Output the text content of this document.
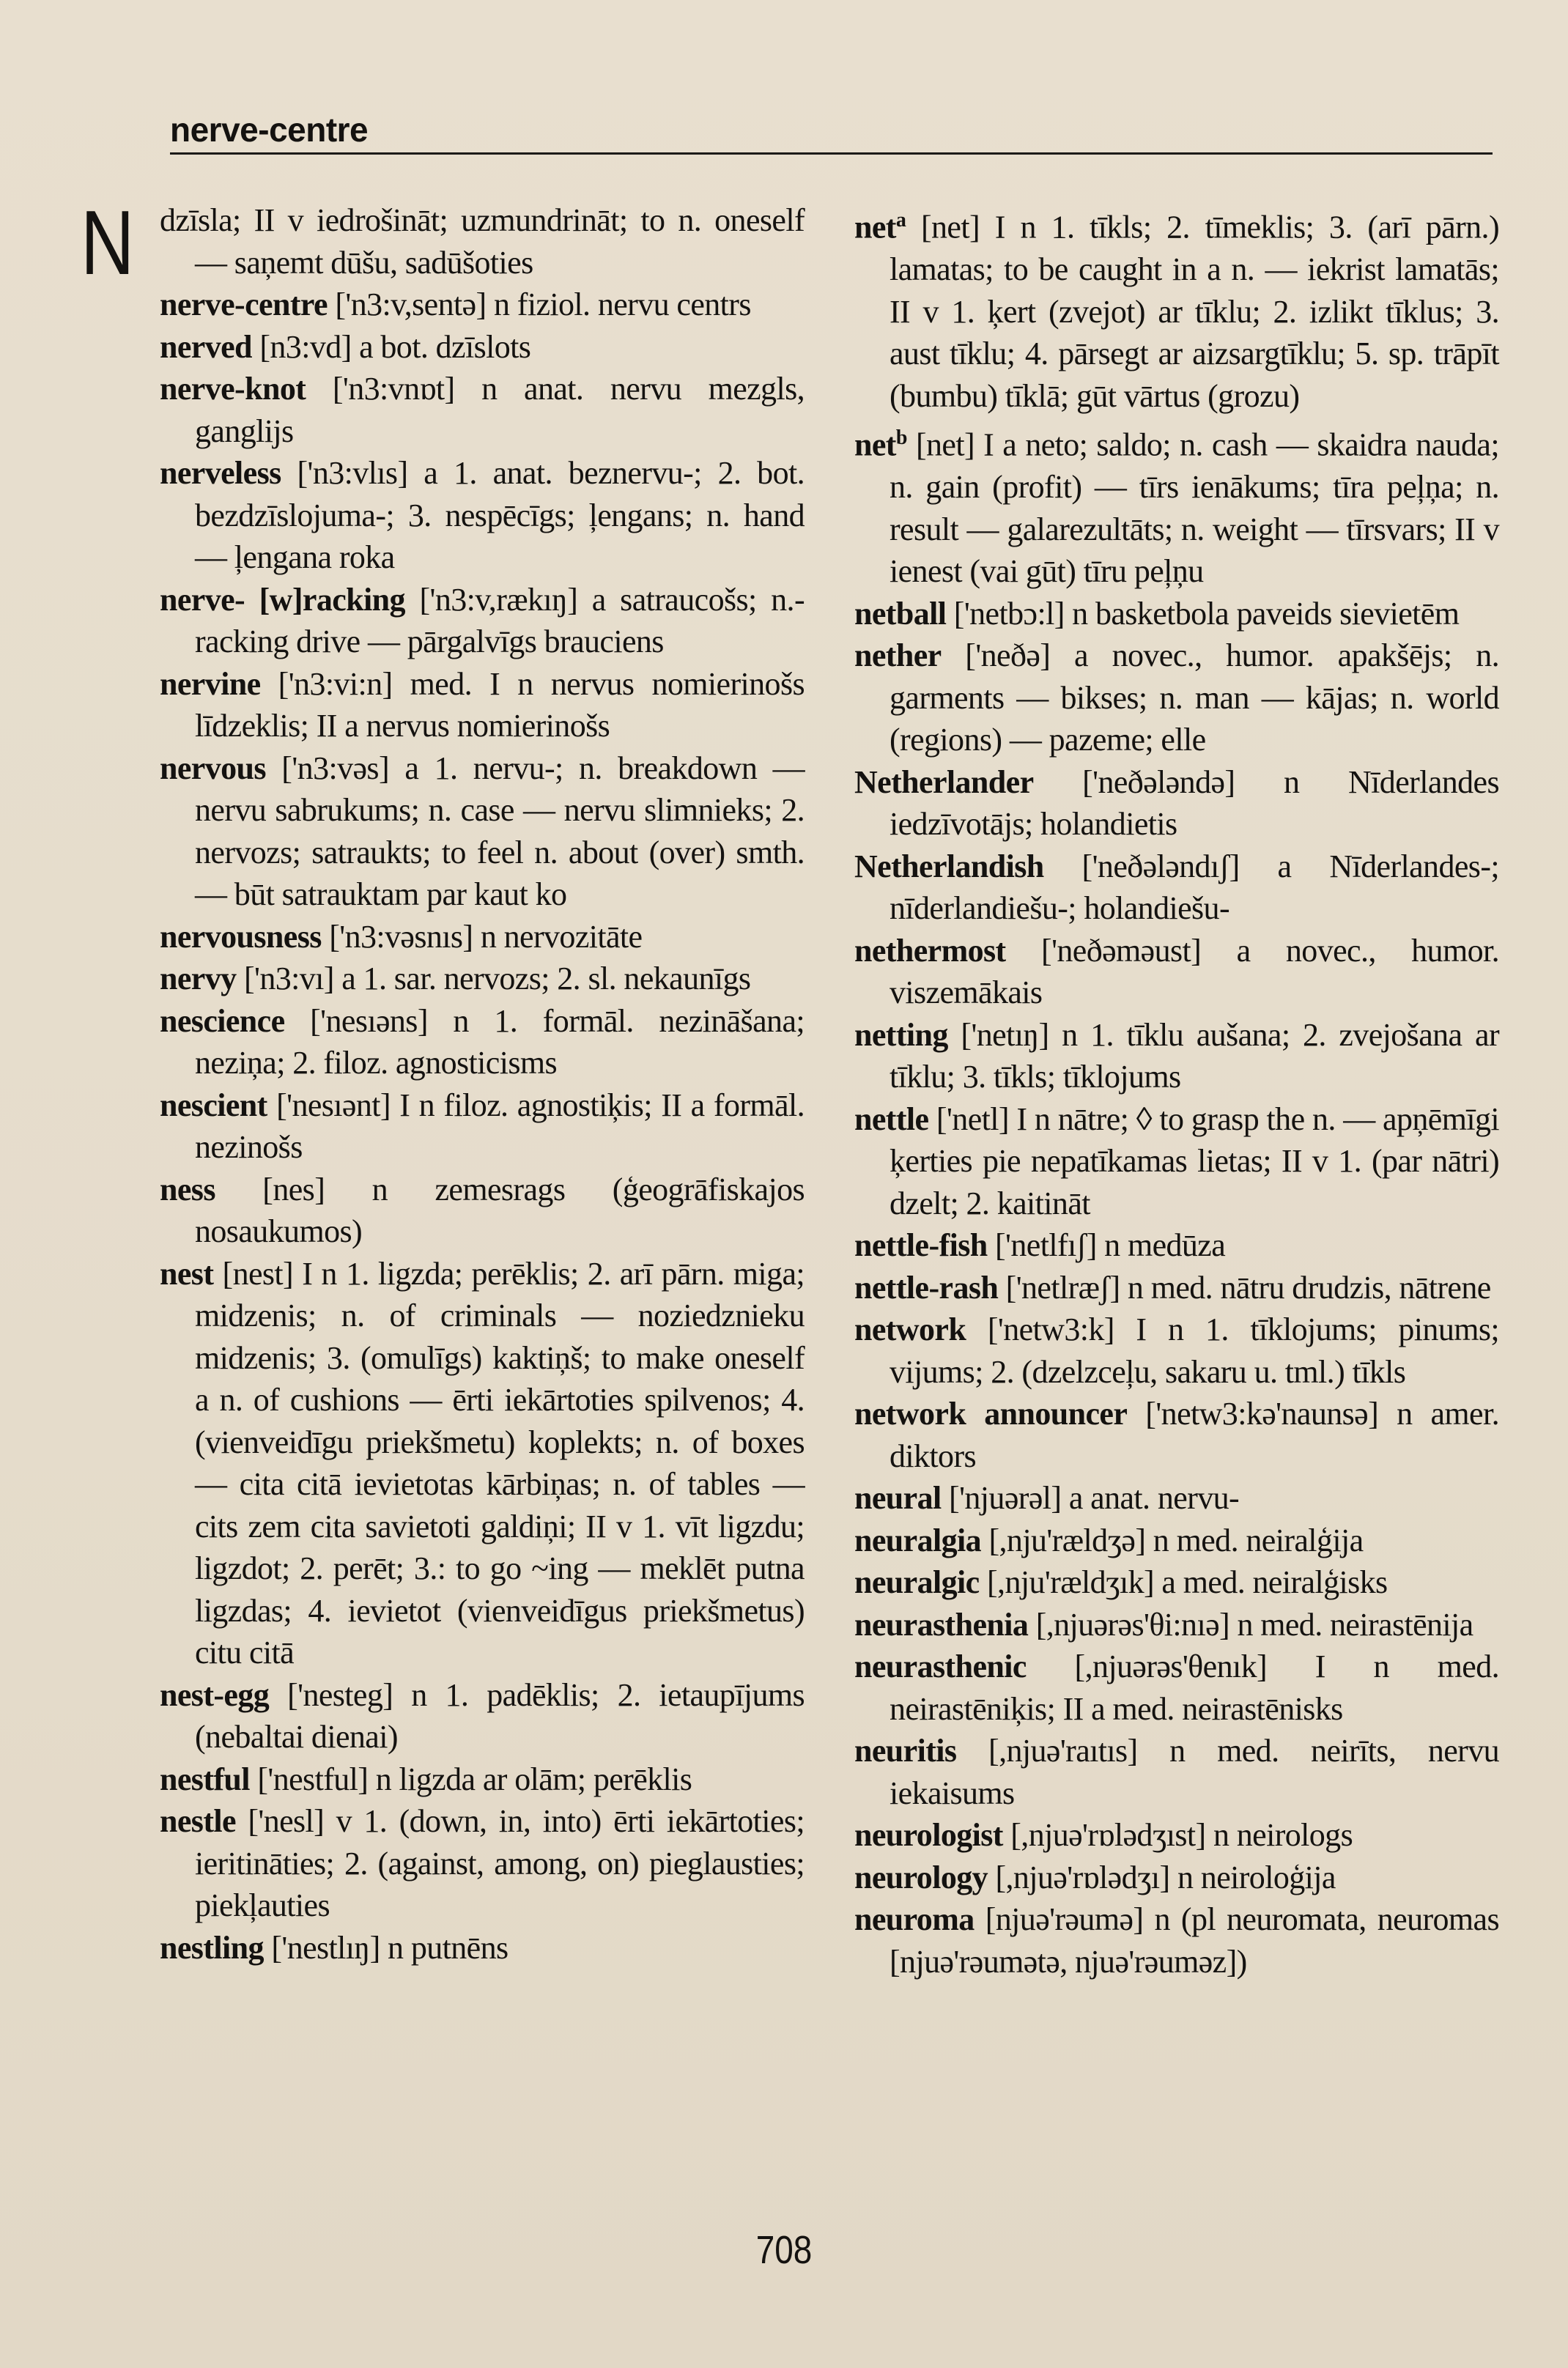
nerve-centre
N dzīsla; II v iedrošināt; uzmundrināt; to n. oneself — saņemt dūšu, sadūšoties

nerve-centre ['n3:v,sentə] n fiziol. nervu centrs

nerved [n3:vd] a bot. dzīslots

nerve-knot ['n3:vnɒt] n anat. nervu mezgls, ganglijs

nerveless ['n3:vlıs] a 1. anat. beznervu-; 2. bot. bezdzīslojuma-; 3. nespēcīgs; ļengans; n. hand — ļengana roka

nerve- [w]racking ['n3:v,rækıŋ] a satraucošs; n.-racking drive — pārgalvīgs brauciens

nervine ['n3:vi:n] med. I n nervus nomierinošs līdzeklis; II a nervus nomierinošs

nervous ['n3:vəs] a 1. nervu-; n. breakdown — nervu sabrukums; n. case — nervu slimnieks; 2. nervozs; satraukts; to feel n. about (over) smth. — būt satrauktam par kaut ko

nervousness ['n3:vəsnıs] n nervozitāte

nervy ['n3:vı] a 1. sar. nervozs; 2. sl. nekaunīgs

nescience ['nesıəns] n 1. formāl. nezināšana; neziņa; 2. filoz. agnosticisms

nescient ['nesıənt] I n filoz. agnostiķis; II a formāl. nezinošs

ness [nes] n zemesrags (ģeogrāfiskajos nosaukumos)

nest [nest] I n 1. ligzda; perēklis; 2. arī pārn. miga; midzenis; n. of criminals — noziedznieku midzenis; 3. (omulīgs) kaktiņš; to make oneself a n. of cushions — ērti iekārtoties spilvenos; 4. (vienveidīgu priekšmetu) koplekts; n. of boxes — cita citā ievietotas kārbiņas; n. of tables — cits zem cita savietoti galdiņi; II v 1. vīt ligzdu; ligzdot; 2. perēt; 3.: to go ~ing — meklēt putna ligzdas; 4. ievietot (vienveidīgus priekšmetus) citu citā

nest-egg ['nesteg] n 1. padēklis; 2. ietaupījums (nebaltai dienai)

nestful ['nestful] n ligzda ar olām; perēklis

nestle ['nesl] v 1. (down, in, into) ērti iekārtoties; ieritināties; 2. (against, among, on) pieglausties; piekļauties

nestling ['nestlıŋ] n putnēns

net$^a$ [net] I n 1. tīkls; 2. tīmeklis; 3. (arī pārn.) lamatas; to be caught in a n. — iekrist lamatās; II v 1. ķert (zvejot) ar tīklu; 2. izlikt tīklus; 3. aust tīklu; 4. pārsegt ar aizsargtīklu; 5. sp. trāpīt (bumbu) tīklā; gūt vārtus (grozu)

net$^b$ [net] I a neto; saldo; n. cash — skaidra nauda; n. gain (profit) — tīrs ienākums; tīra peļņa; n. result — galarezultāts; n. weight — tīrsvars; II v ienest (vai gūt) tīru peļņu

netball ['netbɔ:l] n basketbola paveids sievietēm

nether ['neðə] a novec., humor. apakšējs; n. garments — bikses; n. man — kājas; n. world (regions) — pazeme; elle

Netherlander ['neðələndə] n Nīderlandes iedzīvotājs; holandietis

Netherlandish ['neðələndıʃ] a Nīderlandes-; nīderlandiešu-; holandiešu-

nethermost ['neðəməust] a novec., humor. viszemākais

netting ['netıŋ] n 1. tīklu aušana; 2. zvejošana ar tīklu; 3. tīkls; tīklojums

nettle ['netl] I n nātre; ◊ to grasp the n. — apņēmīgi ķerties pie nepatīkamas lietas; II v 1. (par nātri) dzelt; 2. kaitināt

nettle-fish ['netlfıʃ] n medūza

nettle-rash ['netlræʃ] n med. nātru drudzis, nātrene

network ['netw3:k] I n 1. tīklojums; pinums; vijums; 2. (dzelzceļu, sakaru u. tml.) tīkls

network announcer ['netw3:kə'naunsə] n amer. diktors

neural ['njuərəl] a anat. nervu-

neuralgia [,nju'rældʒə] n med. neiralģija

neuralgic [,nju'rældʒık] a med. neiralģisks

neurasthenia [,njuərəs'θi:nıə] n med. neirastēnija

neurasthenic [,njuərəs'θenık] I n med. neirastēniķis; II a med. neirastēnisks

neuritis [,njuə'raıtıs] n med. neirīts, nervu iekaisums

neurologist [,njuə'rɒlədʒıst] n neirologs

neurology [,njuə'rɒlədʒı] n neiroloģija

neuroma [njuə'rəumə] n (pl neuromata, neuromas [njuə'rəumətə, njuə'rəuməz])

708
